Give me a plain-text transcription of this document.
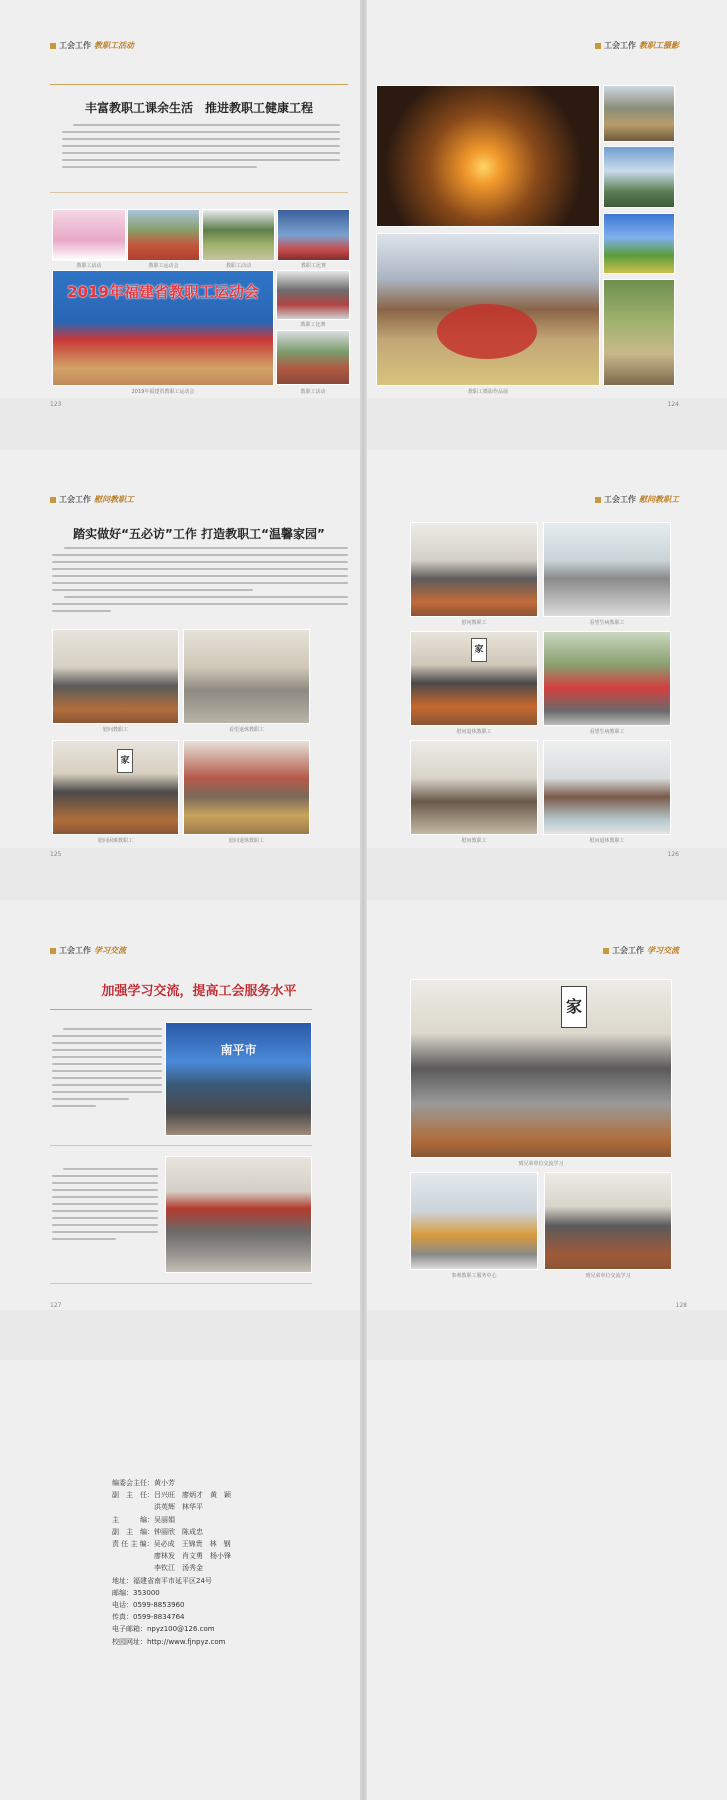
工会工作 教职工活动
丰富教职工课余生活　推进教职工健康工程
教职工活动	教职工运动会	教职工活动	教职工比赛
2019年福建省教职工运动会
教职工比赛
2019年福建省教职工运动会	教职工活动
123
工会工作 教职工摄影
教职工摄影作品展
124
工会工作 慰问教职工
踏实做好“五必访”工作 打造教职工“温馨家园”
慰问教职工	看望退休教职工
家
慰问困难教职工	慰问退休教职工
125
工会工作 慰问教职工
慰问教职工	看望生病教职工
家
慰问退休教职工	看望生病教职工
慰问教职工	慰问退休教职工
126
工会工作 学习交流
加强学习交流，提高工会服务水平
南平市
127
工会工作 学习交流
家
到兄弟单位交流学习
参观教职工服务中心	到兄弟单位交流学习
128
编委会主任：黄小芳
副　主　任：吕兴旺　廖炳才　黄　颖
　　　　　　洪英辉　林华平
主　　　编：吴丽娟
副　主　编：钟丽欣　陈成忠
责 任 主 编：吴必成　王锦贵　林　钢
　　　　　　廖林发　肖文勇　杨小锋
　　　　　　李钦江　汤秀金
地址：福建省南平市延平区24号
邮编：353000
电话：0599-8853960
传真：0599-8834764
电子邮箱：npyz100@126.com
校园网址：http://www.fjnpyz.com
